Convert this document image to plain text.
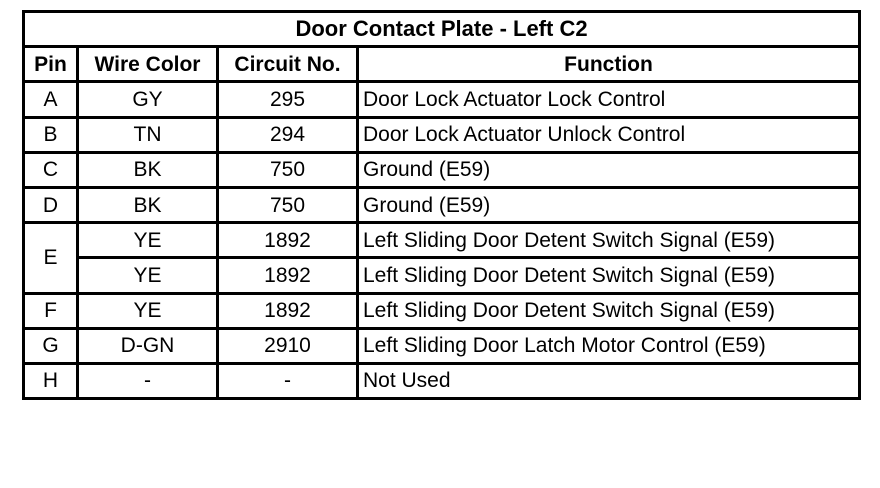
Door Contact Plate - Left C2			
Pin	Wire Color	Circuit No.	Function
A	GY	295	Door Lock Actuator Lock Control
B	TN	294	Door Lock Actuator Unlock Control
C	BK	750	Ground (E59)
D	BK	750	Ground (E59)
E	YE	1892	Left Sliding Door Detent Switch Signal (E59)
	YE	1892	Left Sliding Door Detent Switch Signal (E59)
F	YE	1892	Left Sliding Door Detent Switch Signal (E59)
G	D-GN	2910	Left Sliding Door Latch Motor Control (E59)
H	-	-	Not Used
